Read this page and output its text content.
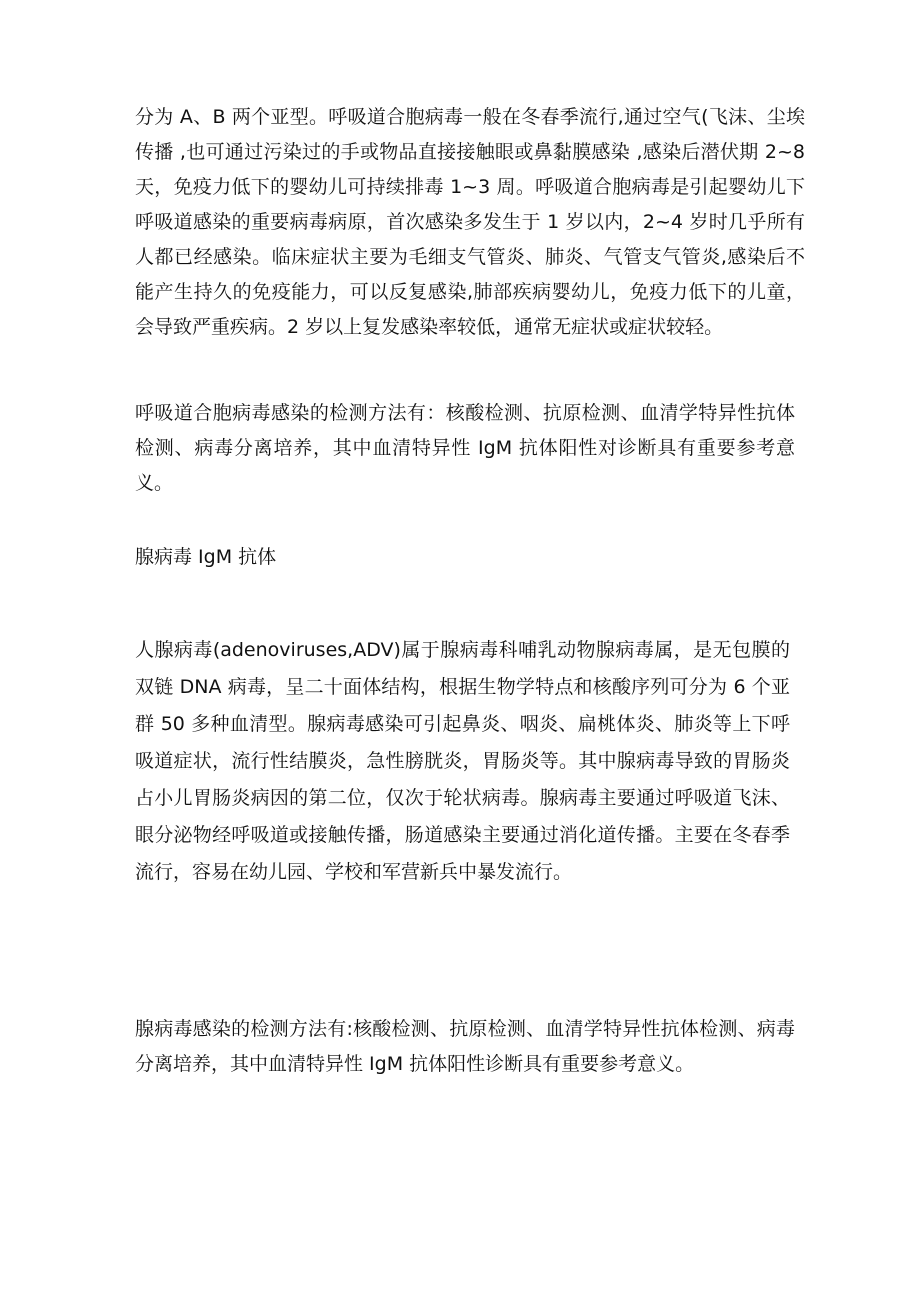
分为 A、B 两个亚型。呼吸道合胞病毒一般在冬春季流行,通过空气(飞沫、尘埃传播 ,也可通过污染过的手或物品直接接触眼或鼻黏膜感染 ,感染后潜伏期 2~8 天，免疫力低下的婴幼儿可持续排毒 1~3 周。呼吸道合胞病毒是引起婴幼儿下呼吸道感染的重要病毒病原，首次感染多发生于 1 岁以内，2~4 岁时几乎所有人都已经感染。临床症状主要为毛细支气管炎、肺炎、气管支气管炎,感染后不能产生持久的免疫能力，可以反复感染,肺部疾病婴幼儿，免疫力低下的儿童，会导致严重疾病。2 岁以上复发感染率较低，通常无症状或症状较轻。

呼吸道合胞病毒感染的检测方法有：核酸检测、抗原检测、血清学特异性抗体检测、病毒分离培养，其中血清特异性 IgM 抗体阳性对诊断具有重要参考意义。

腺病毒 IgM 抗体

人腺病毒(adenoviruses,ADV)属于腺病毒科哺乳动物腺病毒属，是无包膜的双链 DNA 病毒，呈二十面体结构，根据生物学特点和核酸序列可分为 6 个亚群 50 多种血清型。腺病毒感染可引起鼻炎、咽炎、扁桃体炎、肺炎等上下呼吸道症状，流行性结膜炎，急性膀胱炎，胃肠炎等。其中腺病毒导致的胃肠炎占小儿胃肠炎病因的第二位，仅次于轮状病毒。腺病毒主要通过呼吸道飞沫、眼分泌物经呼吸道或接触传播，肠道感染主要通过消化道传播。主要在冬春季流行，容易在幼儿园、学校和军营新兵中暴发流行。

腺病毒感染的检测方法有:核酸检测、抗原检测、血清学特异性抗体检测、病毒分离培养，其中血清特异性 IgM 抗体阳性诊断具有重要参考意义。
